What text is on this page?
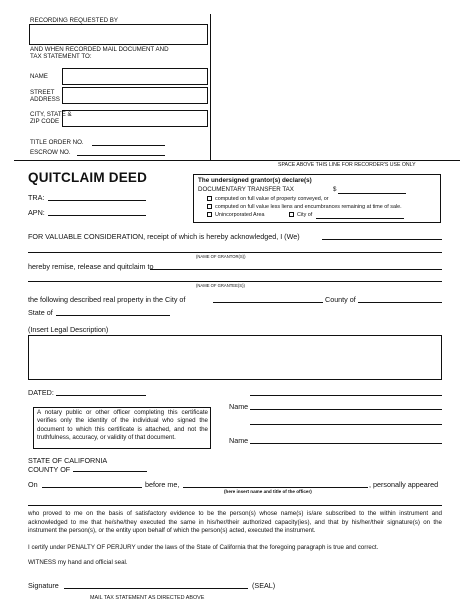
RECORDING REQUESTED BY
AND WHEN RECORDED MAIL DOCUMENT AND
TAX STATEMENT TO:
NAME
STREET
ADDRESS
CITY, STATE &
ZIP CODE
TITLE ORDER NO.
ESCROW NO.
SPACE ABOVE THIS LINE FOR RECORDER'S USE ONLY
QUITCLAIM DEED
TRA:
APN:
The undersigned grantor(s) declare(s)
DOCUMENTARY TRANSFER TAX	$
computed on full value of property conveyed, or
computed on full value less liens and encumbrances remaining at time of sale.
Unincorporated Area	City of
FOR VALUABLE CONSIDERATION, receipt of which is hereby acknowledged, I (We)
(NAME OF GRANTOR(S))
hereby remise, release and quitclaim to
(NAME OF GRANTEE(S))
the following described real property in the City of	County of
State of
(Insert Legal Description)
DATED:
A notary public or other officer completing this certificate verifies only the identity of the individual who signed the document to which this certificate is attached, and not the truthfulness, accuracy, or validity of that document.
Name
Name
STATE OF CALIFORNIA
COUNTY OF
On	before me,	, personally appeared
(here insert name and title of the officer)
who proved to me on the basis of satisfactory evidence to be the person(s) whose name(s) is/are subscribed to the within instrument and acknowledged to me that he/she/they executed the same in his/her/their authorized capacity(ies), and that by his/her/their signature(s) on the instrument the person(s), or the entity upon behalf of which the person(s) acted, executed the instrument.
I certify under PENALTY OF PERJURY under the laws of the State of California that the foregoing paragraph is true and correct.
WITNESS my hand and official seal.
Signature	(SEAL)
MAIL TAX STATEMENT AS DIRECTED ABOVE
